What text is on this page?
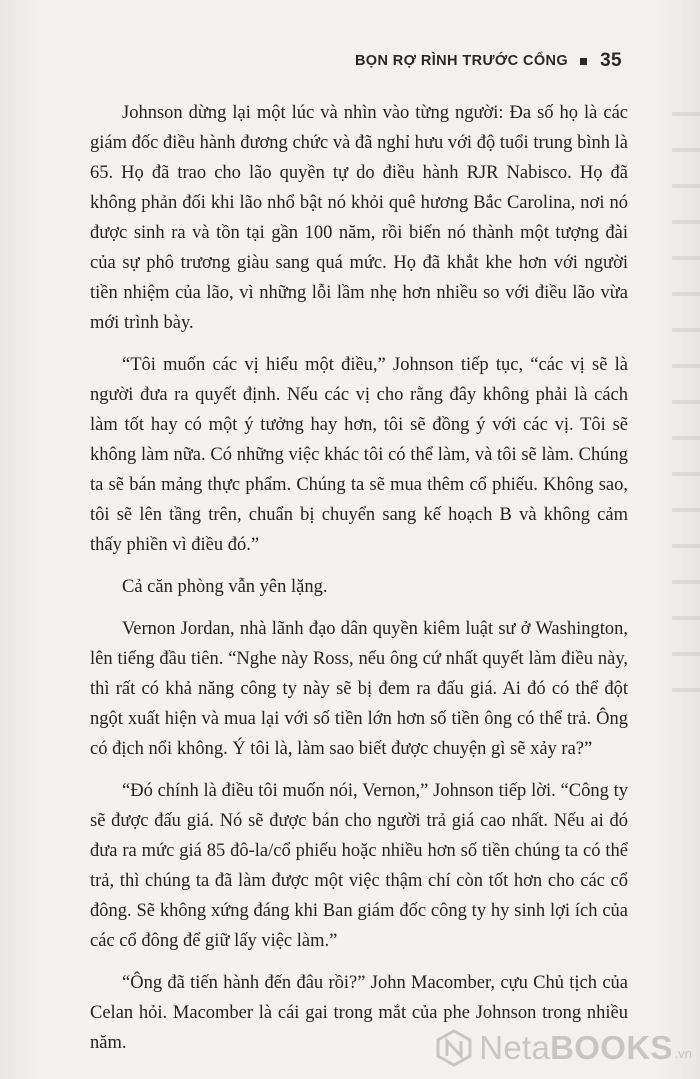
BỌN RỢ RÌNH TRƯỚC CỔNG 35

Johnson dừng lại một lúc và nhìn vào từng người: Đa số họ là các giám đốc điều hành đương chức và đã nghỉ hưu với độ tuổi trung bình là 65. Họ đã trao cho lão quyền tự do điều hành RJR Nabisco. Họ đã không phản đối khi lão nhổ bật nó khỏi quê hương Bắc Carolina, nơi nó được sinh ra và tồn tại gần 100 năm, rồi biến nó thành một tượng đài của sự phô trương giàu sang quá mức. Họ đã khắt khe hơn với người tiền nhiệm của lão, vì những lỗi lầm nhẹ hơn nhiều so với điều lão vừa mới trình bày.

“Tôi muốn các vị hiểu một điều,” Johnson tiếp tục, “các vị sẽ là người đưa ra quyết định. Nếu các vị cho rằng đây không phải là cách làm tốt hay có một ý tưởng hay hơn, tôi sẽ đồng ý với các vị. Tôi sẽ không làm nữa. Có những việc khác tôi có thể làm, và tôi sẽ làm. Chúng ta sẽ bán mảng thực phẩm. Chúng ta sẽ mua thêm cổ phiếu. Không sao, tôi sẽ lên tầng trên, chuẩn bị chuyển sang kế hoạch B và không cảm thấy phiền vì điều đó.”

Cả căn phòng vẫn yên lặng.

Vernon Jordan, nhà lãnh đạo dân quyền kiêm luật sư ở Washington, lên tiếng đầu tiên. “Nghe này Ross, nếu ông cứ nhất quyết làm điều này, thì rất có khả năng công ty này sẽ bị đem ra đấu giá. Ai đó có thể đột ngột xuất hiện và mua lại với số tiền lớn hơn số tiền ông có thể trả. Ông có địch nổi không. Ý tôi là, làm sao biết được chuyện gì sẽ xảy ra?”

“Đó chính là điều tôi muốn nói, Vernon,” Johnson tiếp lời. “Công ty sẽ được đấu giá. Nó sẽ được bán cho người trả giá cao nhất. Nếu ai đó đưa ra mức giá 85 đô-la/cổ phiếu hoặc nhiều hơn số tiền chúng ta có thể trả, thì chúng ta đã làm được một việc thậm chí còn tốt hơn cho các cổ đông. Sẽ không xứng đáng khi Ban giám đốc công ty hy sinh lợi ích của các cổ đông để giữ lấy việc làm.”

“Ông đã tiến hành đến đâu rồi?” John Macomber, cựu Chủ tịch của Celan hỏi. Macomber là cái gai trong mắt của phe Johnson trong nhiều năm.	NetaBOOKS .vn
